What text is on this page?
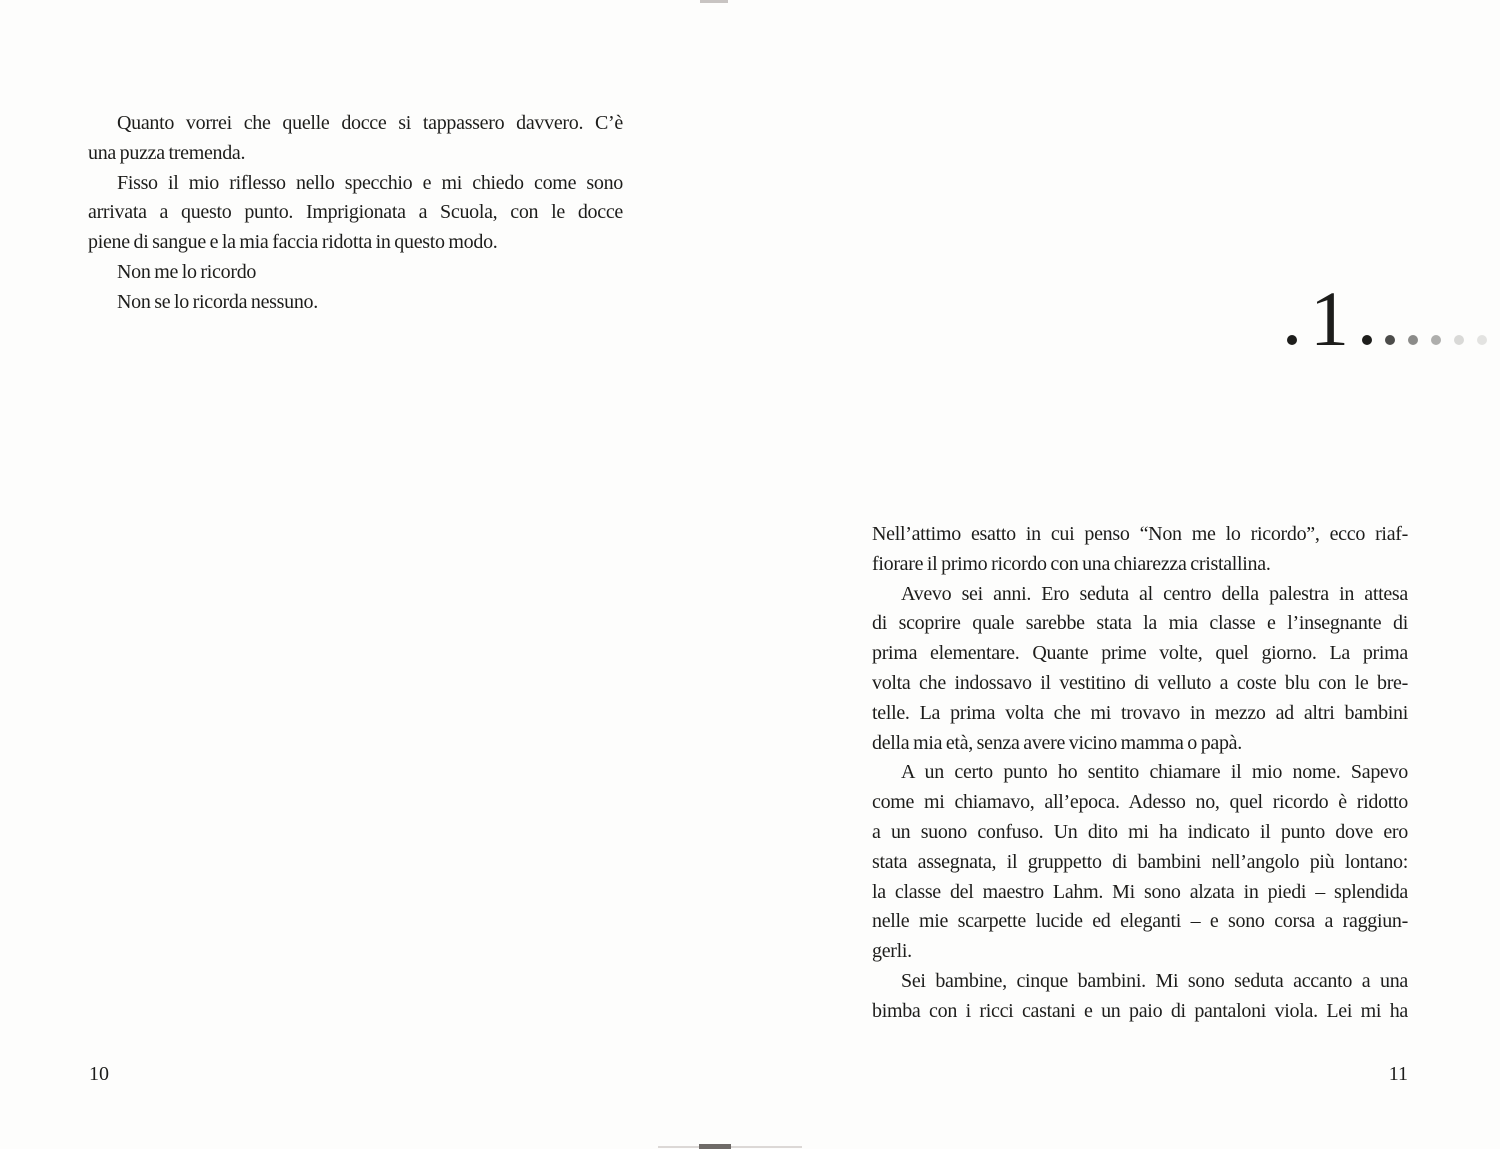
Quanto vorrei che quelle docce si tappassero davvero. C’è
una puzza tremenda.
Fisso il mio riflesso nello specchio e mi chiedo come sono
arrivata a questo punto. Imprigionata a Scuola, con le docce
piene di sangue e la mia faccia ridotta in questo modo.
Non me lo ricordo
Non se lo ricorda nessuno.
10
1
Nell’attimo esatto in cui penso “Non me lo ricordo”, ecco riaf-
fiorare il primo ricordo con una chiarezza cristallina.
Avevo sei anni. Ero seduta al centro della palestra in attesa
di scoprire quale sarebbe stata la mia classe e l’insegnante di
prima elementare. Quante prime volte, quel giorno. La prima
volta che indossavo il vestitino di velluto a coste blu con le bre-
telle. La prima volta che mi trovavo in mezzo ad altri bambini
della mia età, senza avere vicino mamma o papà.
A un certo punto ho sentito chiamare il mio nome. Sapevo
come mi chiamavo, all’epoca. Adesso no, quel ricordo è ridotto
a un suono confuso. Un dito mi ha indicato il punto dove ero
stata assegnata, il gruppetto di bambini nell’angolo più lontano:
la classe del maestro Lahm. Mi sono alzata in piedi – splendida
nelle mie scarpette lucide ed eleganti – e sono corsa a raggiun-
gerli.
Sei bambine, cinque bambini. Mi sono seduta accanto a una
bimba con i ricci castani e un paio di pantaloni viola. Lei mi ha
11
